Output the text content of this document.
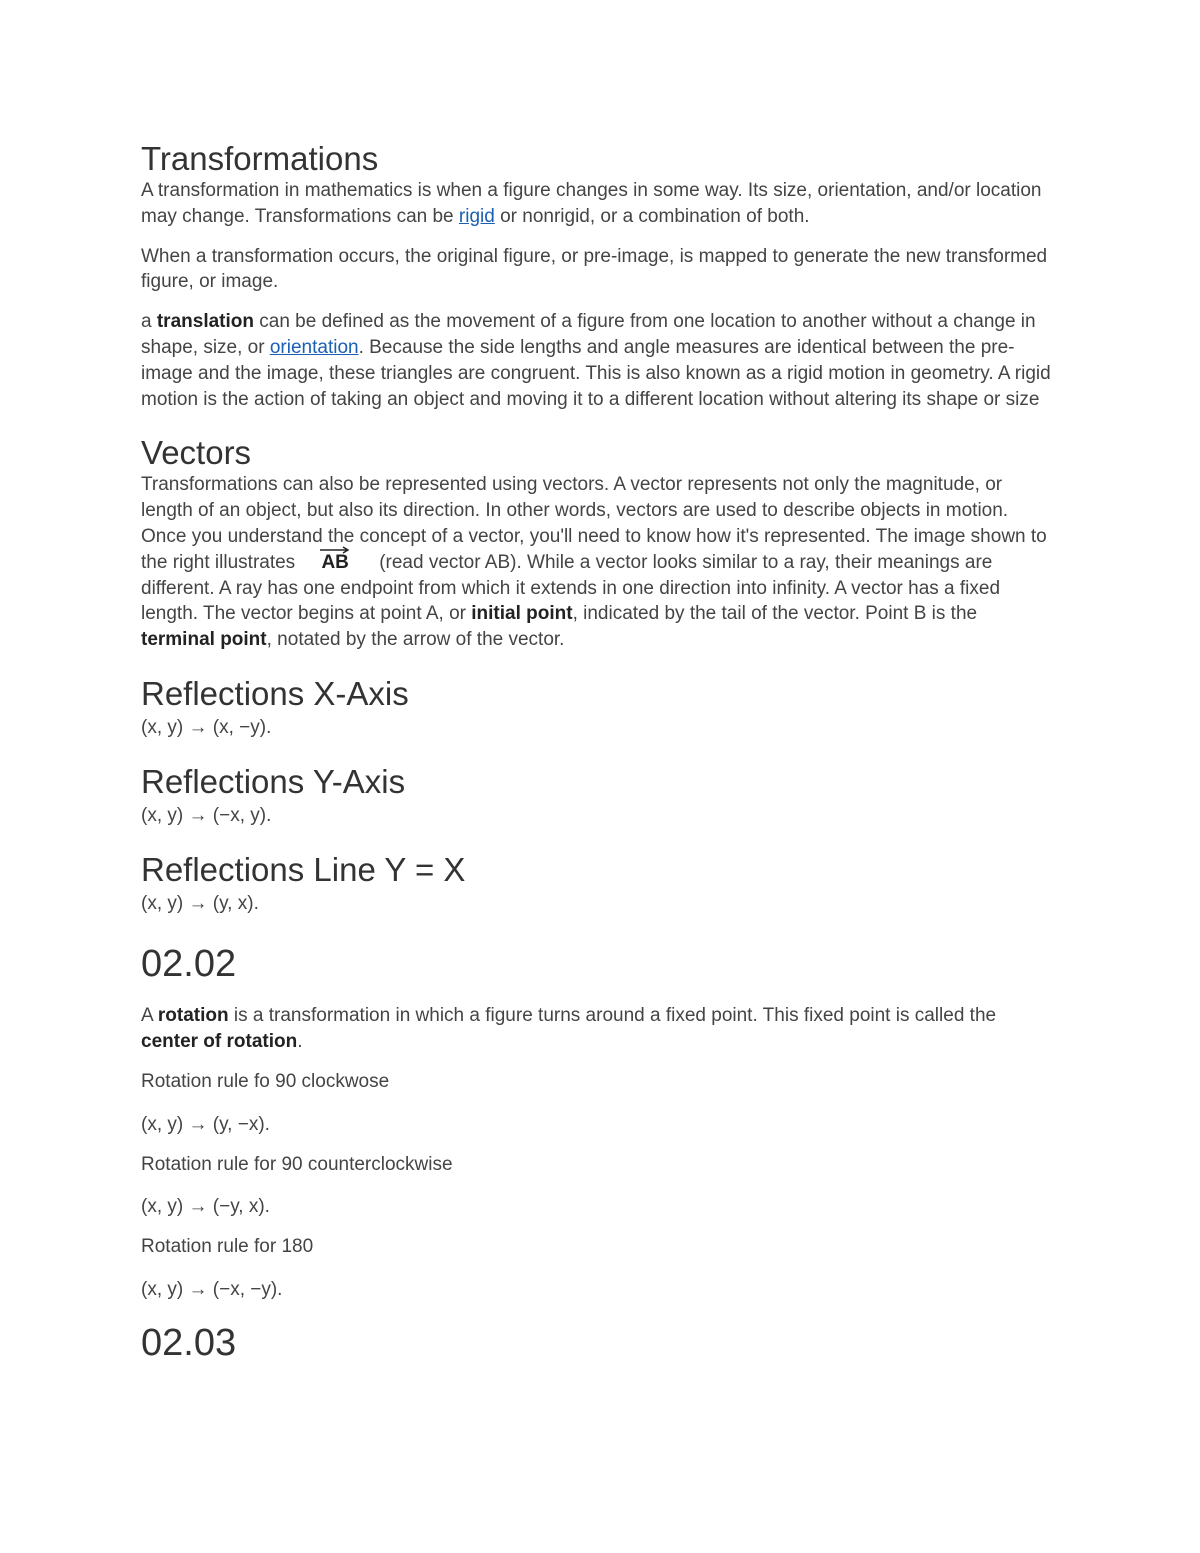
Transformations

A transformation in mathematics is when a figure changes in some way. Its size, orientation, and/or location may change. Transformations can be rigid or nonrigid, or a combination of both.

When a transformation occurs, the original figure, or pre-image, is mapped to generate the new transformed figure, or image.

a translation can be defined as the movement of a figure from one location to another without a change in shape, size, or orientation. Because the side lengths and angle measures are identical between the pre-image and the image, these triangles are congruent. This is also known as a rigid motion in geometry. A rigid motion is the action of taking an object and moving it to a different location without altering its shape or size

Vectors

Transformations can also be represented using vectors. A vector represents not only the magnitude, or length of an object, but also its direction. In other words, vectors are used to describe objects in motion. Once you understand the concept of a vector, you'll need to know how it's represented. The image shown to the right illustrates AB (read vector AB). While a vector looks similar to a ray, their meanings are different. A ray has one endpoint from which it extends in one direction into infinity. A vector has a fixed length. The vector begins at point A, or initial point, indicated by the tail of the vector. Point B is the terminal point, notated by the arrow of the vector.

Reflections X-Axis

(x, y) → (x, −y).

Reflections Y-Axis

(x, y) → (−x, y).

Reflections Line Y = X

(x, y) → (y, x).

02.02

A rotation is a transformation in which a figure turns around a fixed point. This fixed point is called the center of rotation.

Rotation rule fo 90 clockwose

(x, y) → (y, −x).

Rotation rule for 90 counterclockwise

(x, y) → (−y, x).

Rotation rule for 180

(x, y) → (−x, −y).

02.03
